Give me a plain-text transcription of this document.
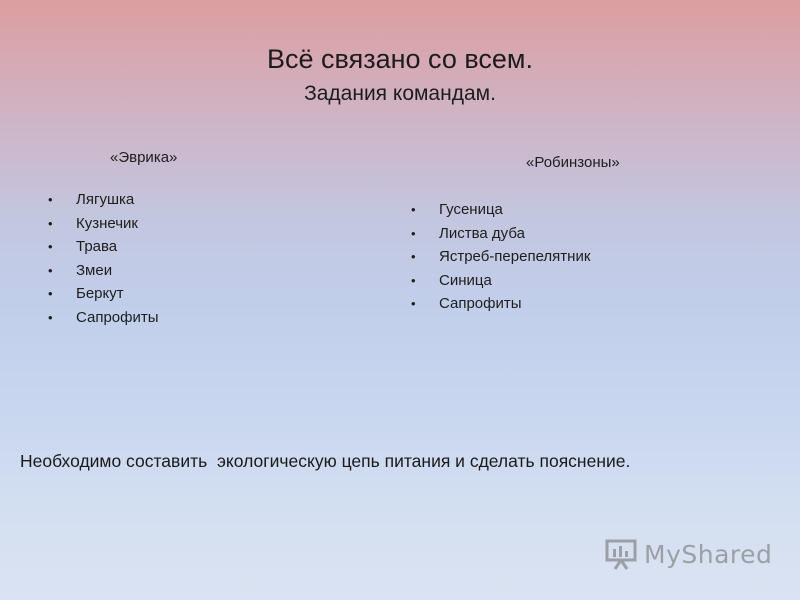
Всё связано со всем.
Задания командам.
«Эврика»
• Лягушка
• Кузнечик
• Трава
• Змеи
• Беркут
• Сапрофиты
«Робинзоны»
• Гусеница
• Листва дуба
• Ястреб-перепелятник
• Синица
• Сапрофиты
Необходимо составить  экологическую цепь питания и сделать пояснение.
MyShared
